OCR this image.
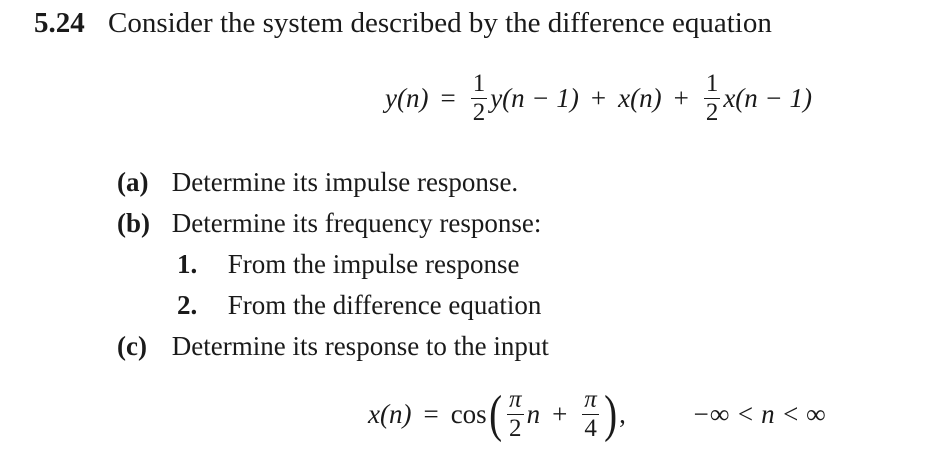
5.24 Consider the system described by the difference equation
$y(n) = \frac{1}{2} y(n - 1) + x(n) + \frac{1}{2} x(n - 1)$
(a) Determine its impulse response.
(b) Determine its frequency response:
1. From the impulse response
2. From the difference equation
(c) Determine its response to the input
x(n) = cos ( $\frac{\pi}{2}$ $n + \frac{\pi}{4}$ ) , −∞ < n < ∞
